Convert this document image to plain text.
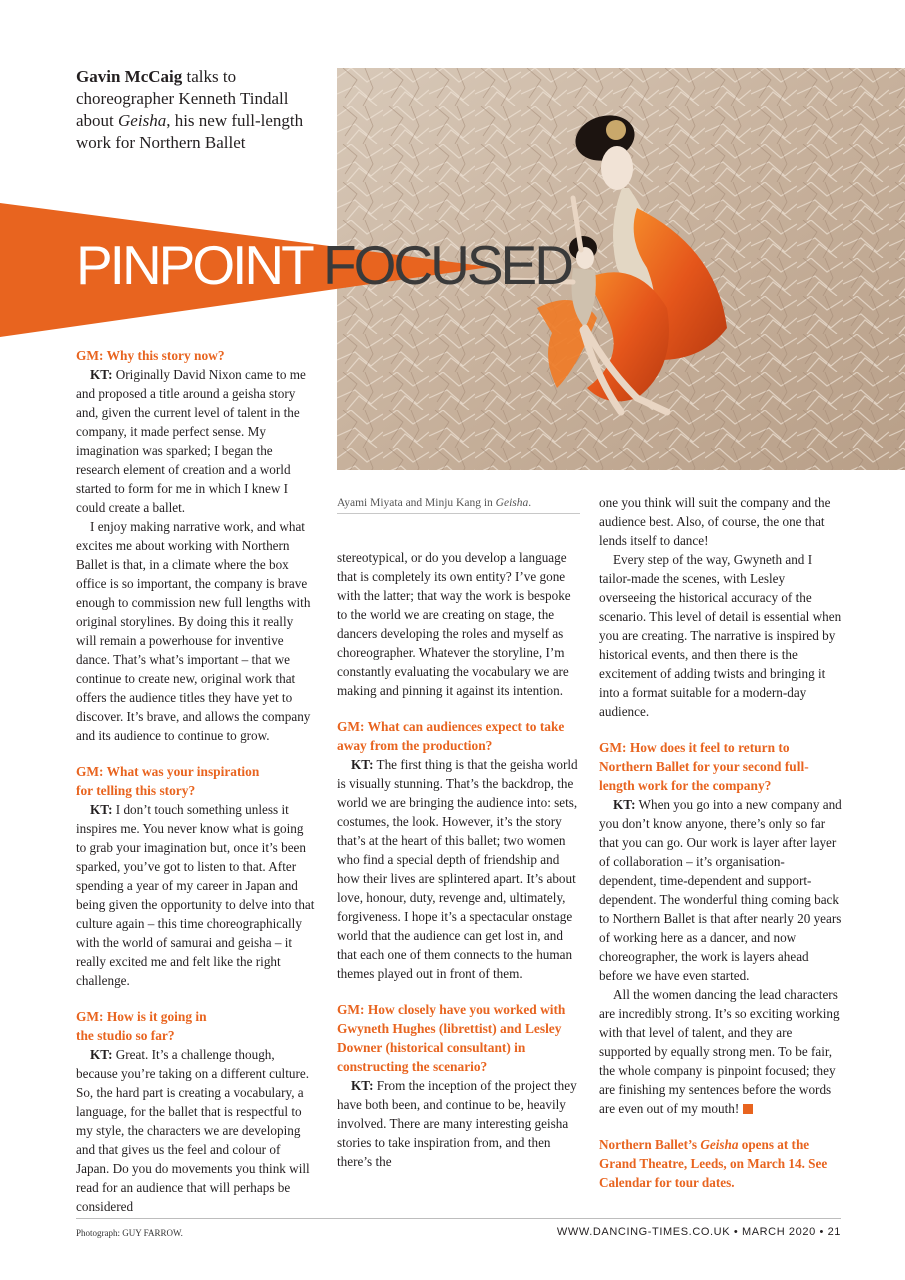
Gavin McCaig talks to choreographer Kenneth Tindall about Geisha, his new full-length work for Northern Ballet
PINPOINT FOCUSED
GM: Why this story now?

KT: Originally David Nixon came to me and proposed a title around a geisha story and, given the current level of talent in the company, it made perfect sense. My imagination was sparked; I began the research element of creation and a world started to form for me in which I knew I could create a ballet.

I enjoy making narrative work, and what excites me about working with Northern Ballet is that, in a climate where the box office is so important, the company is brave enough to commission new full lengths with original storylines. By doing this it really will remain a powerhouse for inventive dance. That’s what’s important – that we continue to create new, original work that offers the audience titles they have yet to discover. It’s brave, and allows the company and its audience to continue to grow.

GM: What was your inspiration
for telling this story?

KT: I don’t touch something unless it inspires me. You never know what is going to grab your imagination but, once it’s been sparked, you’ve got to listen to that. After spending a year of my career in Japan and being given the opportunity to delve into that culture again – this time choreographically with the world of samurai and geisha – it really excited me and felt like the right challenge.

GM: How is it going in
the studio so far?

KT: Great. It’s a challenge though, because you’re taking on a different culture. So, the hard part is creating a vocabulary, a language, for the ballet that is respectful to my style, the characters we are developing and that gives us the feel and colour of Japan. Do you do movements you think will read for an audience that will perhaps be considered

Ayami Miyata and Minju Kang in Geisha.

stereotypical, or do you develop a language that is completely its own entity? I’ve gone with the latter; that way the work is bespoke to the world we are creating on stage, the dancers developing the roles and myself as choreographer. Whatever the storyline, I’m constantly evaluating the vocabulary we are making and pinning it against its intention.

GM: What can audiences expect to take away from the production?

KT: The first thing is that the geisha world is visually stunning. That’s the backdrop, the world we are bringing the audience into: sets, costumes, the look. However, it’s the story that’s at the heart of this ballet; two women who find a special depth of friendship and how their lives are splintered apart. It’s about love, honour, duty, revenge and, ultimately, forgiveness. I hope it’s a spectacular onstage world that the audience can get lost in, and that each one of them connects to the human themes played out in front of them.

GM: How closely have you worked with Gwyneth Hughes (librettist) and Lesley Downer (historical consultant) in constructing the scenario?

KT: From the inception of the project they have both been, and continue to be, heavily involved. There are many interesting geisha stories to take inspiration from, and then there’s the

one you think will suit the company and the audience best. Also, of course, the one that lends itself to dance!

Every step of the way, Gwyneth and I tailor-made the scenes, with Lesley overseeing the historical accuracy of the scenario. This level of detail is essential when you are creating. The narrative is inspired by historical events, and then there is the excitement of adding twists and bringing it into a format suitable for a modern-day audience.

GM: How does it feel to return to Northern Ballet for your second full-length work for the company?

KT: When you go into a new company and you don’t know anyone, there’s only so far that you can go. Our work is layer after layer of collaboration – it’s organisation-dependent, time-dependent and support-dependent. The wonderful thing coming back to Northern Ballet is that after nearly 20 years of working here as a dancer, and now choreographer, the work is layers ahead before we have even started.

All the women dancing the lead characters are incredibly strong. It’s so exciting working with that level of talent, and they are supported by equally strong men. To be fair, the whole company is pinpoint focused; they are finishing my sentences before the words are even out of my mouth!

Northern Ballet’s Geisha opens at the Grand Theatre, Leeds, on March 14. See Calendar for tour dates.

Photograph: GUY FARROW.	WWW.DANCING-TIMES.CO.UK • MARCH 2020 • 21
